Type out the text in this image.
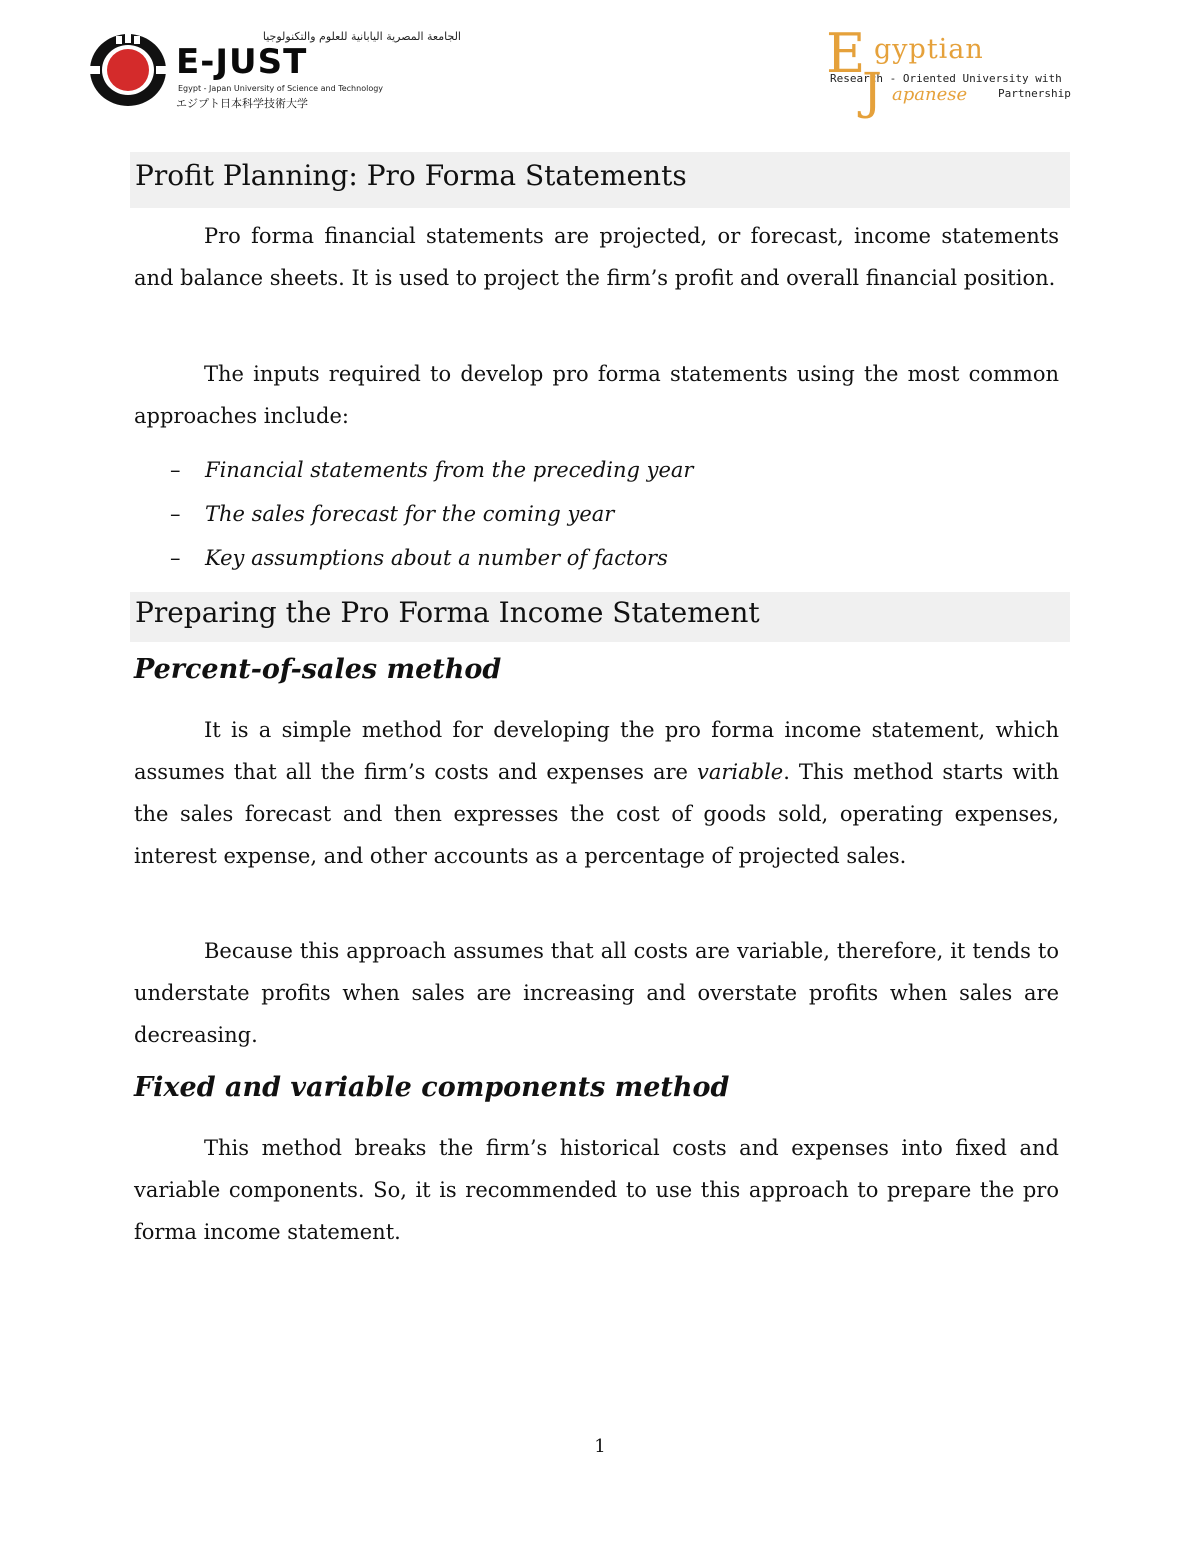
الجامعة المصرية اليابانية للعلوم والتكنولوجيا
E-JUST
Egypt - Japan University of Science and Technology
エジプト日本科学技術大学
E gyptian
Research - Oriented University with
J apanese	Partnership
Profit Planning: Pro Forma Statements

Pro forma financial statements are projected, or forecast, income statements and balance sheets. It is used to project the firm’s profit and overall financial position.

The inputs required to develop pro forma statements using the most common approaches include:

– Financial statements from the preceding year
– The sales forecast for the coming year
– Key assumptions about a number of factors
Preparing the Pro Forma Income Statement
Percent-of-sales method

It is a simple method for developing the pro forma income statement, which assumes that all the firm’s costs and expenses are variable. This method starts with the sales forecast and then expresses the cost of goods sold, operating expenses, interest expense, and other accounts as a percentage of projected sales.

Because this approach assumes that all costs are variable, therefore, it tends to understate profits when sales are increasing and overstate profits when sales are decreasing.

Fixed and variable components method

This method breaks the firm’s historical costs and expenses into fixed and variable components. So, it is recommended to use this approach to prepare the pro forma income statement.

1
